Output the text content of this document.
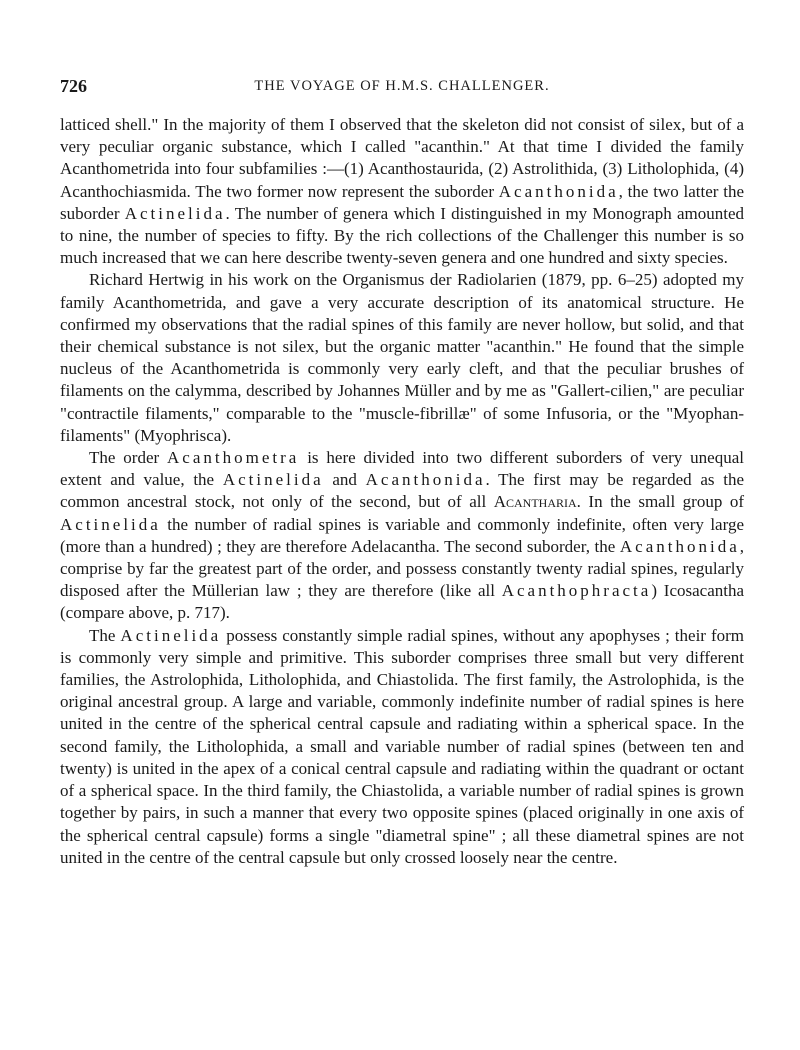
726	THE VOYAGE OF H.M.S. CHALLENGER.

latticed shell." In the majority of them I observed that the skeleton did not consist of silex, but of a very peculiar organic substance, which I called "acanthin." At that time I divided the family Acanthometrida into four subfamilies :—(1) Acanthostaurida, (2) Astrolithida, (3) Litholophida, (4) Acanthochiasmida. The two former now represent the suborder Acanthonida, the two latter the suborder Actinelida. The number of genera which I distinguished in my Monograph amounted to nine, the number of species to fifty. By the rich collections of the Challenger this number is so much increased that we can here describe twenty-seven genera and one hundred and sixty species.

Richard Hertwig in his work on the Organismus der Radiolarien (1879, pp. 6–25) adopted my family Acanthometrida, and gave a very accurate description of its anatomical structure. He confirmed my observations that the radial spines of this family are never hollow, but solid, and that their chemical substance is not silex, but the organic matter "acanthin." He found that the simple nucleus of the Acanthometrida is commonly very early cleft, and that the peculiar brushes of filaments on the calymma, described by Johannes Müller and by me as "Gallert-cilien," are peculiar "contractile filaments," comparable to the "muscle-fibrillæ" of some Infusoria, or the "Myophan-filaments" (Myophrisca).

The order Acanthometra is here divided into two different suborders of very unequal extent and value, the Actinelida and Acanthonida. The first may be regarded as the common ancestral stock, not only of the second, but of all Acantharia. In the small group of Actinelida the number of radial spines is variable and commonly indefinite, often very large (more than a hundred) ; they are therefore Adelacantha. The second suborder, the Acanthonida, comprise by far the greatest part of the order, and possess constantly twenty radial spines, regularly disposed after the Müllerian law ; they are therefore (like all Acanthophracta) Icosacantha (compare above, p. 717).

The Actinelida possess constantly simple radial spines, without any apophyses ; their form is commonly very simple and primitive. This suborder comprises three small but very different families, the Astrolophida, Litholophida, and Chiastolida. The first family, the Astrolophida, is the original ancestral group. A large and variable, commonly indefinite number of radial spines is here united in the centre of the spherical central capsule and radiating within a spherical space. In the second family, the Litholophida, a small and variable number of radial spines (between ten and twenty) is united in the apex of a conical central capsule and radiating within the quadrant or octant of a spherical space. In the third family, the Chiastolida, a variable number of radial spines is grown together by pairs, in such a manner that every two opposite spines (placed originally in one axis of the spherical central capsule) forms a single "diametral spine" ; all these diametral spines are not united in the centre of the central capsule but only crossed loosely near the centre.
